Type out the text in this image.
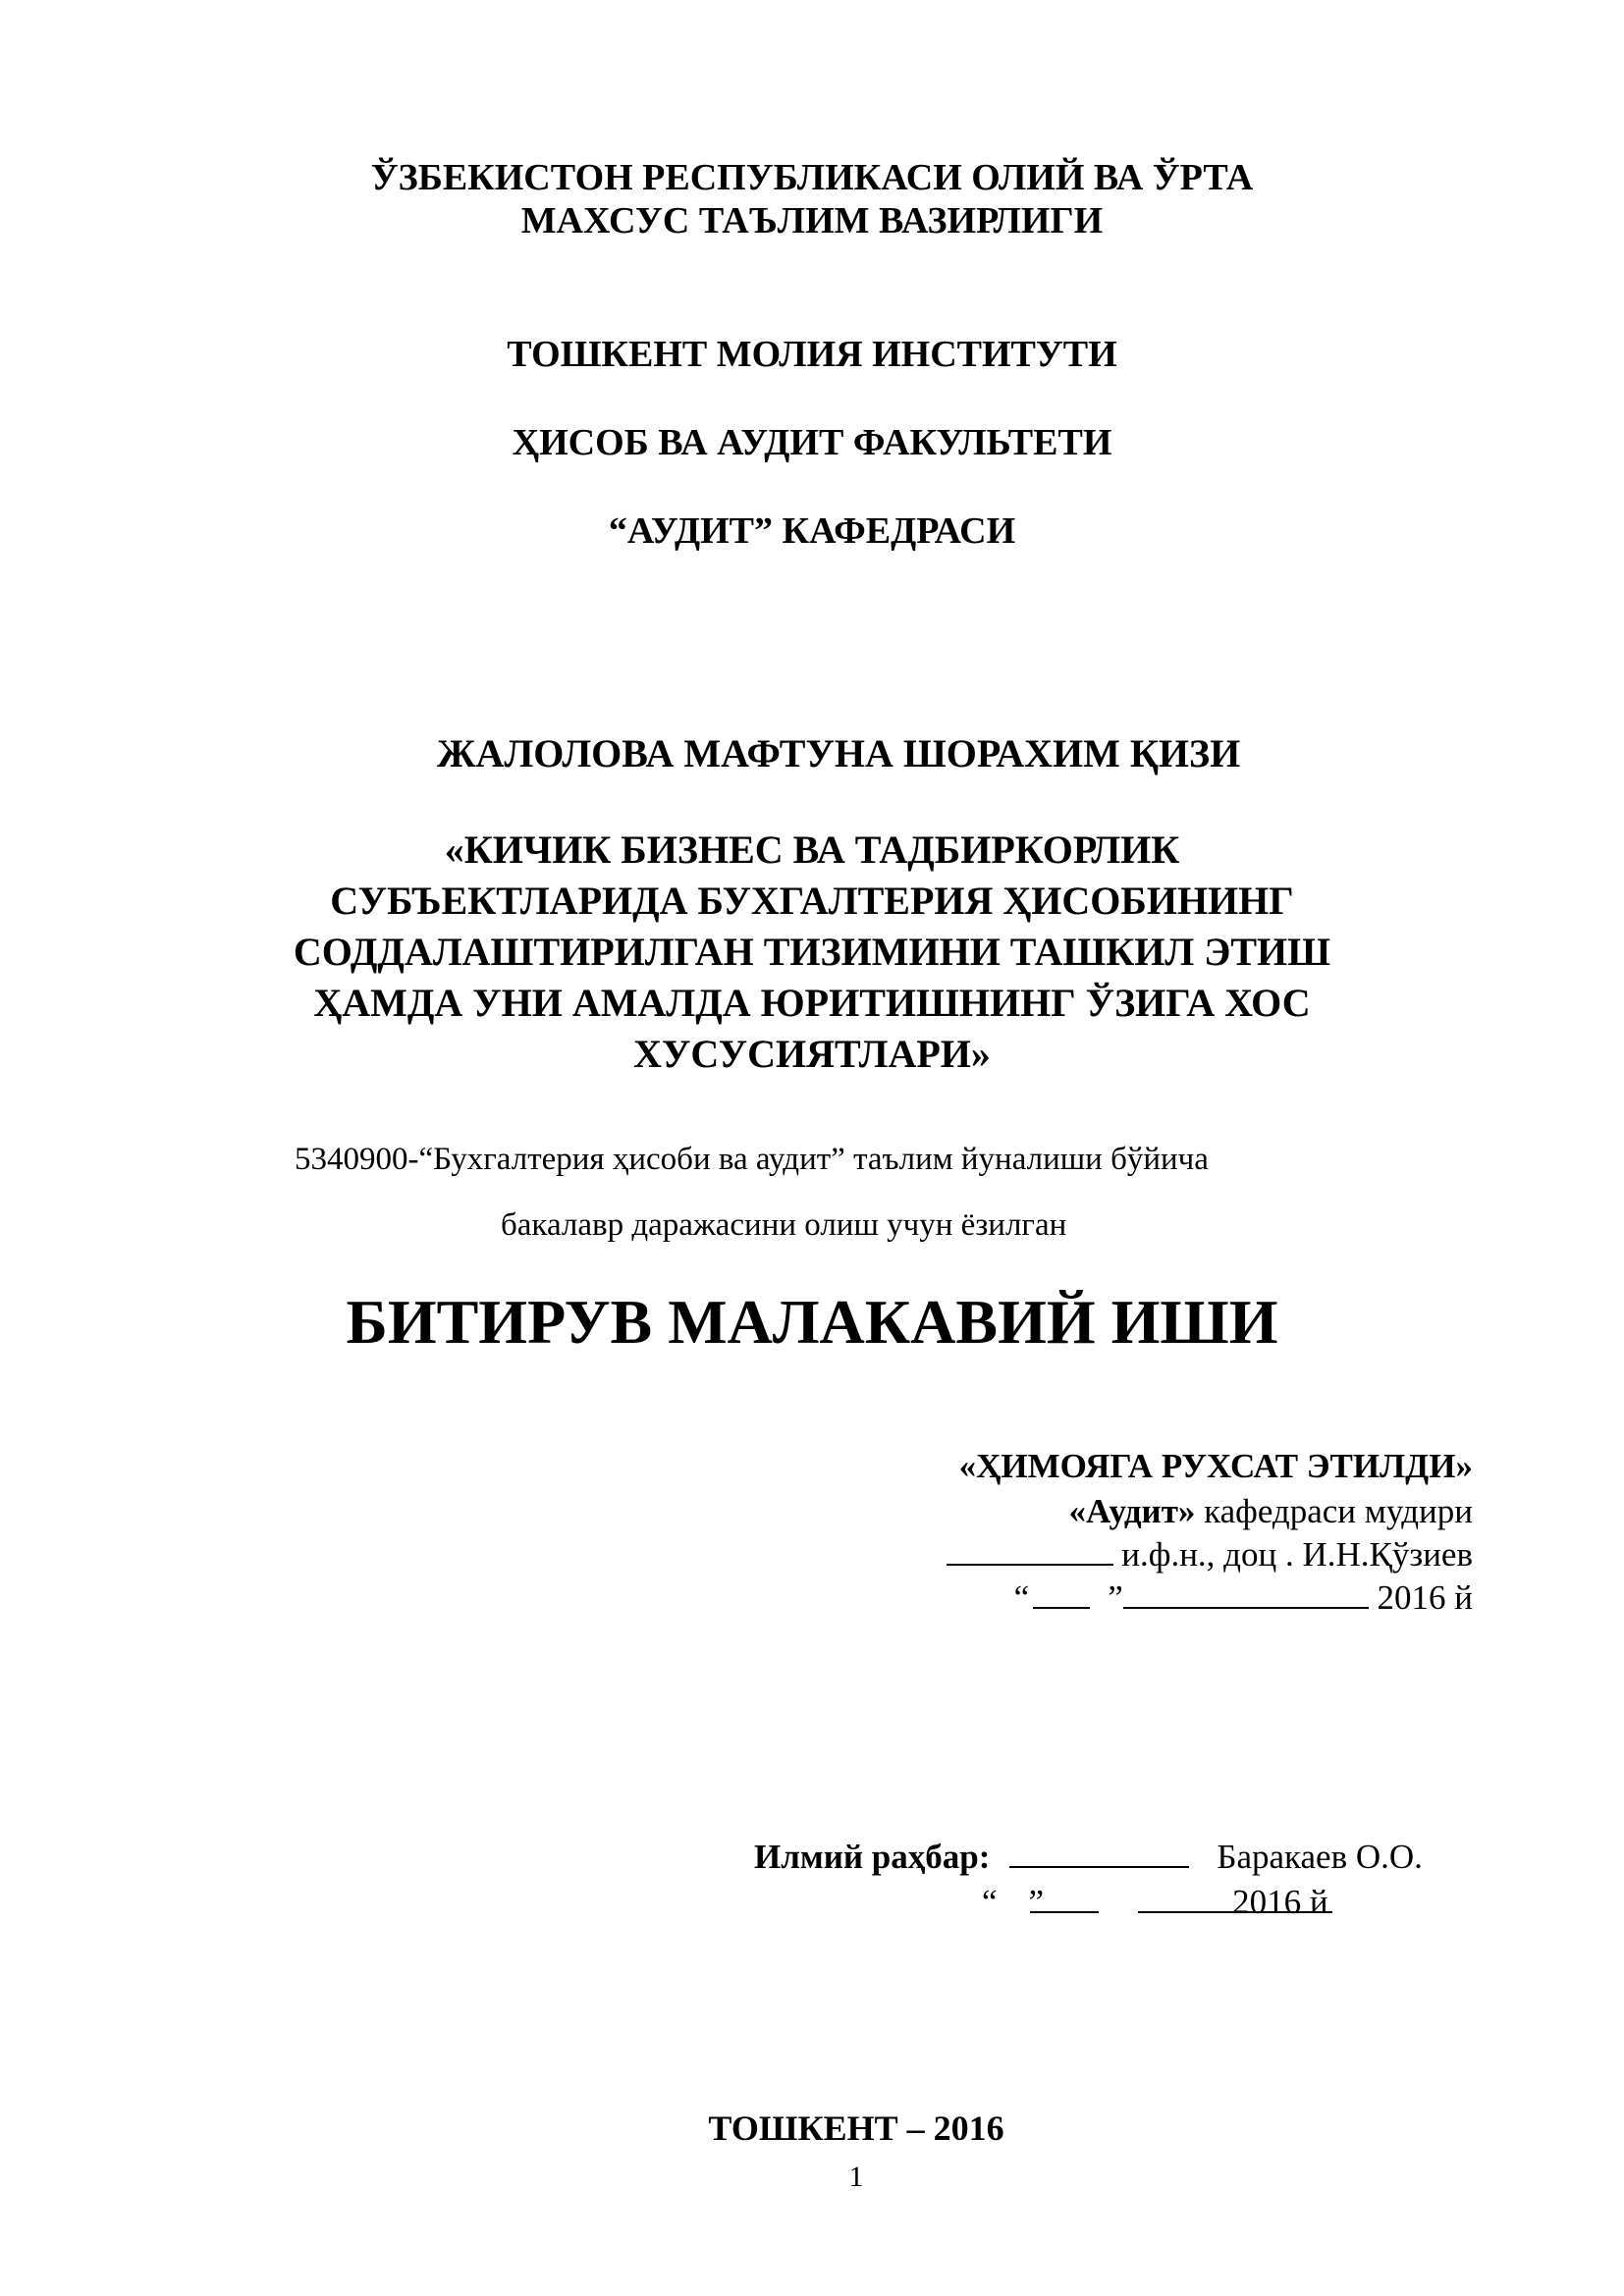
ЎЗБЕКИСТОН РЕСПУБЛИКАСИ ОЛИЙ ВА ЎРТА
МАХСУС ТАЪЛИМ ВАЗИРЛИГИ
ТОШКЕНТ МОЛИЯ ИНСТИТУТИ
ҲИСОБ ВА АУДИТ ФАКУЛЬТЕТИ
“АУДИТ” КАФЕДРАСИ
ЖАЛОЛОВА МАФТУНА ШОРАХИМ ҚИЗИ
«КИЧИК БИЗНЕС ВА ТАДБИРКОРЛИК
СУБЪЕКТЛАРИДА БУХГАЛТЕРИЯ ҲИСОБИНИНГ
СОДДАЛАШТИРИЛГАН ТИЗИМИНИ ТАШКИЛ ЭТИШ
ҲАМДА УНИ АМАЛДА ЮРИТИШНИНГ ЎЗИГА ХОС
ХУСУСИЯТЛАРИ»
5340900-“Бухгалтерия ҳисоби ва аудит” таълим йуналиши бўйича
бакалавр даражасини олиш учун ёзилган
БИТИРУВ МАЛАКАВИЙ ИШИ
«ҲИМОЯГА РУХСАТ ЭТИЛДИ»
«Аудит» кафедраси мудири
и.ф.н., доц . И.Н.Қўзиев
“ ”	2016 й
Илмий раҳбар:	Баракаев О.О.
“ ”	2016 й
ТОШКЕНТ – 2016
1
